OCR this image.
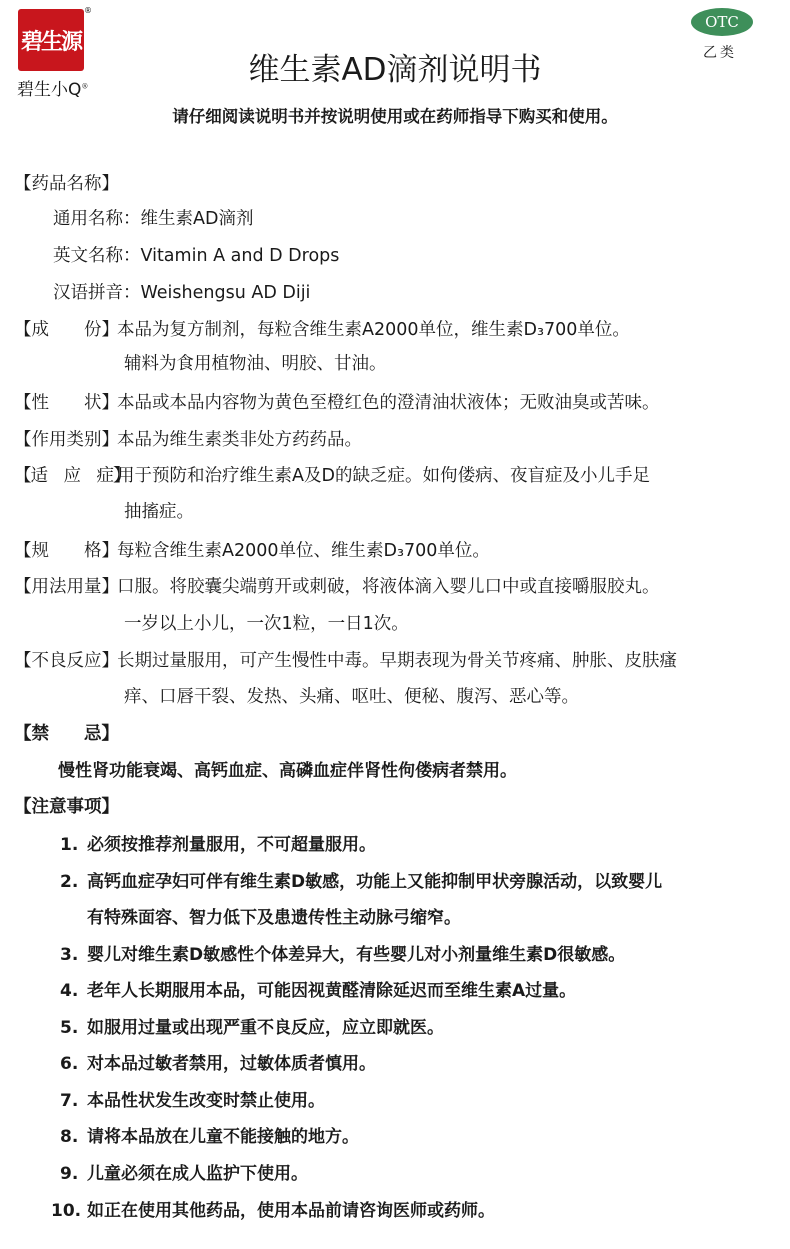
碧生源
®
碧生小Q®
OTC
乙类
维生素AD滴剂说明书
请仔细阅读说明书并按说明使用或在药师指导下购买和使用。
【药品名称】
通用名称：维生素AD滴剂
英文名称：Vitamin A and D Drops
汉语拼音：Weishengsu AD Diji
【成　　份】
本品为复方制剂，每粒含维生素A2000单位，维生素D₃700单位。
辅料为食用植物油、明胶、甘油。
【性　　状】
本品或本品内容物为黄色至橙红色的澄清油状液体；无败油臭或苦味。
【作用类别】
本品为维生素类非处方药药品。
【适　应　症】
用于预防和治疗维生素A及D的缺乏症。如佝偻病、夜盲症及小儿手足
抽搐症。
【规　　格】
每粒含维生素A2000单位、维生素D₃700单位。
【用法用量】
口服。将胶囊尖端剪开或刺破，将液体滴入婴儿口中或直接嚼服胶丸。
一岁以上小儿，一次1粒，一日1次。
【不良反应】
长期过量服用，可产生慢性中毒。早期表现为骨关节疼痛、肿胀、皮肤瘙
痒、口唇干裂、发热、头痛、呕吐、便秘、腹泻、恶心等。
【禁　　忌】
慢性肾功能衰竭、高钙血症、高磷血症伴肾性佝偻病者禁用。
【注意事项】
1. 必须按推荐剂量服用，不可超量服用。
2. 高钙血症孕妇可伴有维生素D敏感，功能上又能抑制甲状旁腺活动，以致婴儿
有特殊面容、智力低下及患遗传性主动脉弓缩窄。
3. 婴儿对维生素D敏感性个体差异大，有些婴儿对小剂量维生素D很敏感。
4. 老年人长期服用本品，可能因视黄醛清除延迟而至维生素A过量。
5. 如服用过量或出现严重不良反应，应立即就医。
6. 对本品过敏者禁用，过敏体质者慎用。
7. 本品性状发生改变时禁止使用。
8. 请将本品放在儿童不能接触的地方。
9. 儿童必须在成人监护下使用。
10. 如正在使用其他药品，使用本品前请咨询医师或药师。
